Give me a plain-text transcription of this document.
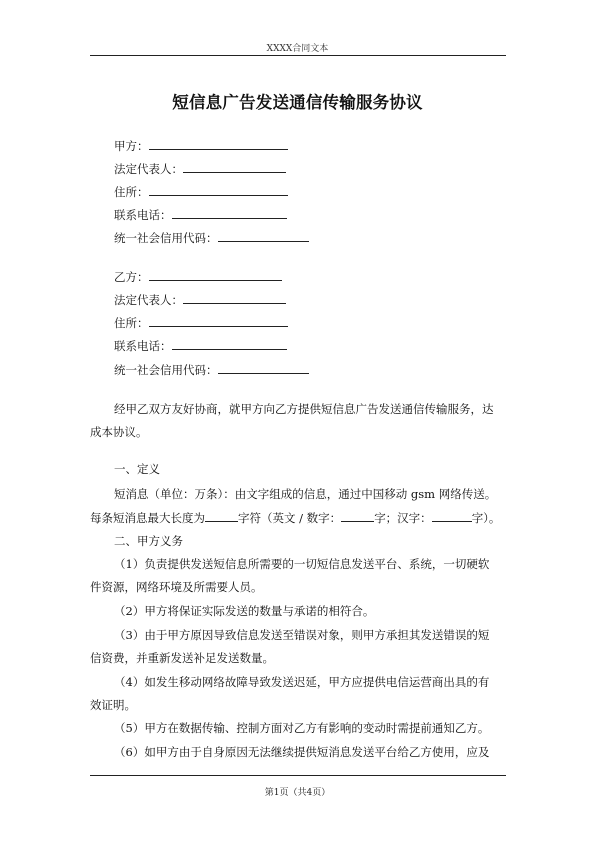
XXXX合同文本
短信息广告发送通信传输服务协议
甲方：
法定代表人：
住所：
联系电话：
统一社会信用代码：
乙方：
法定代表人：
住所：
联系电话：
统一社会信用代码：
经甲乙双方友好协商，就甲方向乙方提供短信息广告发送通信传输服务，达
成本协议。
一、定义
短消息（单位：万条）：由文字组成的信息，通过中国移动 gsm 网络传送。
每条短消息最大长度为	字符（英文 / 数字：	字；汉字：	字）。
二、甲方义务
（1）负责提供发送短信息所需要的一切短信息发送平台、系统，一切硬软
件资源，网络环境及所需要人员。
（2）甲方将保证实际发送的数量与承诺的相符合。
（3）由于甲方原因导致信息发送至错误对象，则甲方承担其发送错误的短
信资费，并重新发送补足发送数量。
（4）如发生移动网络故障导致发送迟延，甲方应提供电信运营商出具的有
效证明。
（5）甲方在数据传输、控制方面对乙方有影响的变动时需提前通知乙方。
（6）如甲方由于自身原因无法继续提供短消息发送平台给乙方使用，应及
第1页（共4页）
